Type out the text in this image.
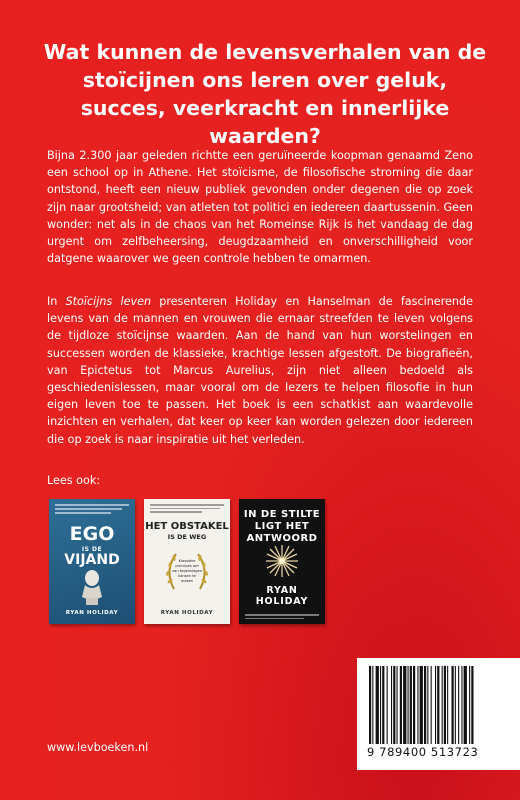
Wat kunnen de levensverhalen van de stoïcijnen ons leren over geluk, succes, veerkracht en innerlijke waarden?
Bijna 2.300 jaar geleden richtte een geruïneerde koopman genaamd Zeno een school op in Athene. Het stoïcisme, de filosofische stroming die daar ontstond, heeft een nieuw publiek gevonden onder degenen die op zoek zijn naar grootsheid; van atleten tot politici en iedereen daartussenin. Geen wonder: net als in de chaos van het Romeinse Rijk is het vandaag de dag urgent om zelfbeheersing, deugdzaamheid en onverschilligheid voor datgene waarover we geen controle hebben te omarmen.
In Stoïcijns leven presenteren Holiday en Hanselman de fascinerende levens van de mannen en vrouwen die ernaar streefden te leven volgens de tijdloze stoïcijnse waarden. Aan de hand van hun worstelingen en successen worden de klassieke, krachtige lessen afgestoft. De biografieën, van Epictetus tot Marcus Aurelius, zijn niet alleen bedoeld als geschiedenislessen, maar vooral om de lezers te helpen filosofie in hun eigen leven toe te passen. Het boek is een schatkist aan waardevolle inzichten en verhalen, dat keer op keer kan worden gelezen door iedereen die op zoek is naar inspiratie uit het verleden.
Lees ook:
EGO
IS DE
VIJAND
RYAN HOLIDAY
HET OBSTAKEL
IS DE WEG
Klassieke principes om van tegenslagen kansen te maken
RYAN HOLIDAY
IN DE STILTE LIGT HET ANTWOORD
RYAN HOLIDAY
9 789400 513723
www.levboeken.nl
